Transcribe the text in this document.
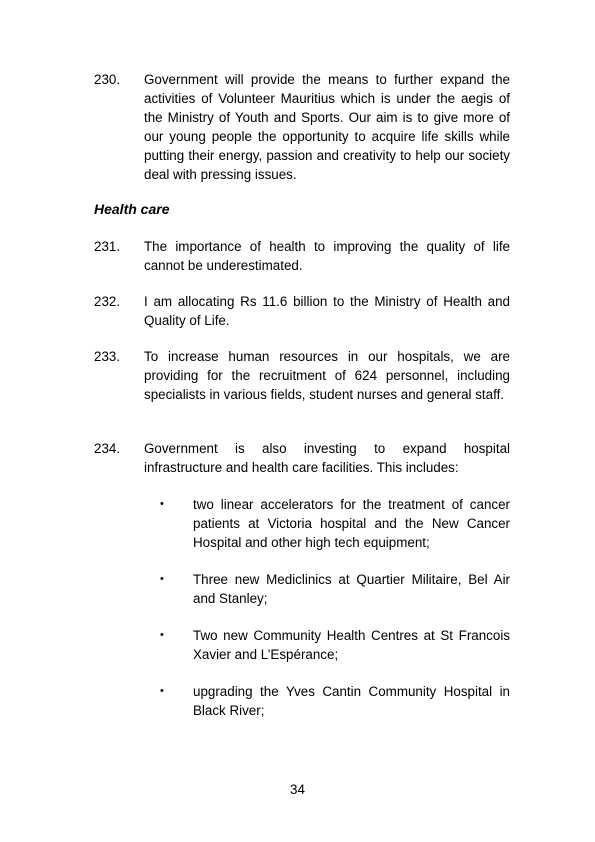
230.	Government will provide the means to further expand the activities of Volunteer Mauritius which is under the aegis of the Ministry of Youth and Sports. Our aim is to give more of our young people the opportunity to acquire life skills while putting their energy, passion and creativity to help our society deal with pressing issues.
Health care
231.	The importance of health to improving the quality of life cannot be underestimated.
232.	I am allocating Rs 11.6 billion to the Ministry of Health and Quality of Life.
233.	To increase human resources in our hospitals, we are providing for the recruitment of 624 personnel, including specialists in various fields, student nurses and general staff.
234.	Government is also investing to expand hospital infrastructure and health care facilities. This includes:
•	two linear accelerators for the treatment of cancer patients at Victoria hospital and the New Cancer Hospital and other high tech equipment;
•	Three new Mediclinics at Quartier Militaire, Bel Air and Stanley;
•	Two new Community Health Centres at St Francois Xavier and L’Espérance;
•	upgrading the Yves Cantin Community Hospital in Black River;
34
